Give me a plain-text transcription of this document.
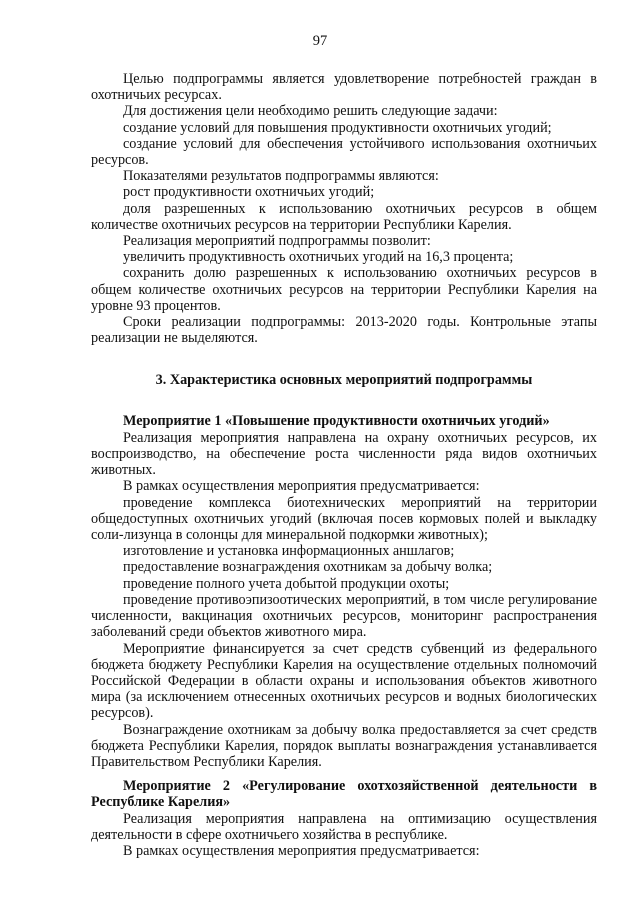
97

Целью подпрограммы является удовлетворение потребностей граждан в охотничьих ресурсах.

Для достижения цели необходимо решить следующие задачи:

создание условий для повышения продуктивности охотничьих угодий;

создание условий для обеспечения устойчивого использования охотничьих ресурсов.

Показателями результатов подпрограммы являются:

рост продуктивности охотничьих угодий;

доля разрешенных к использованию охотничьих ресурсов в общем количестве охотничьих ресурсов на территории Республики Карелия.

Реализация мероприятий подпрограммы позволит:

увеличить продуктивность охотничьих угодий на 16,3 процента;

сохранить долю разрешенных к использованию охотничьих ресурсов в общем количестве охотничьих ресурсов на территории Республики Карелия на уровне 93 процентов.

Сроки реализации подпрограммы: 2013-2020 годы. Контрольные этапы реализации не выделяются.

3. Характеристика основных мероприятий подпрограммы

Мероприятие 1 «Повышение продуктивности охотничьих угодий»

Реализация мероприятия направлена на охрану охотничьих ресурсов, их воспроизводство, на обеспечение роста численности ряда видов охотничьих животных.

В рамках осуществления мероприятия предусматривается:

проведение комплекса биотехнических мероприятий на территории общедоступных охотничьих угодий (включая посев кормовых полей и выкладку соли-лизунца в солонцы для минеральной подкормки животных);

изготовление и установка информационных аншлагов;

предоставление вознаграждения охотникам за добычу волка;

проведение полного учета добытой продукции охоты;

проведение противоэпизоотических мероприятий, в том числе регулирование численности, вакцинация охотничьих ресурсов, мониторинг распространения заболеваний среди объектов животного мира.

Мероприятие финансируется за счет средств субвенций из федерального бюджета бюджету Республики Карелия на осуществление отдельных полномочий Российской Федерации в области охраны и использования объектов животного мира (за исключением отнесенных охотничьих ресурсов и водных биологических ресурсов).

Вознаграждение охотникам за добычу волка предоставляется за счет средств бюджета Республики Карелия, порядок выплаты вознаграждения устанавливается Правительством Республики Карелия.

Мероприятие 2 «Регулирование охотхозяйственной деятельности в Республике Карелия»

Реализация мероприятия направлена на оптимизацию осуществления деятельности в сфере охотничьего хозяйства в республике.

В рамках осуществления мероприятия предусматривается:
